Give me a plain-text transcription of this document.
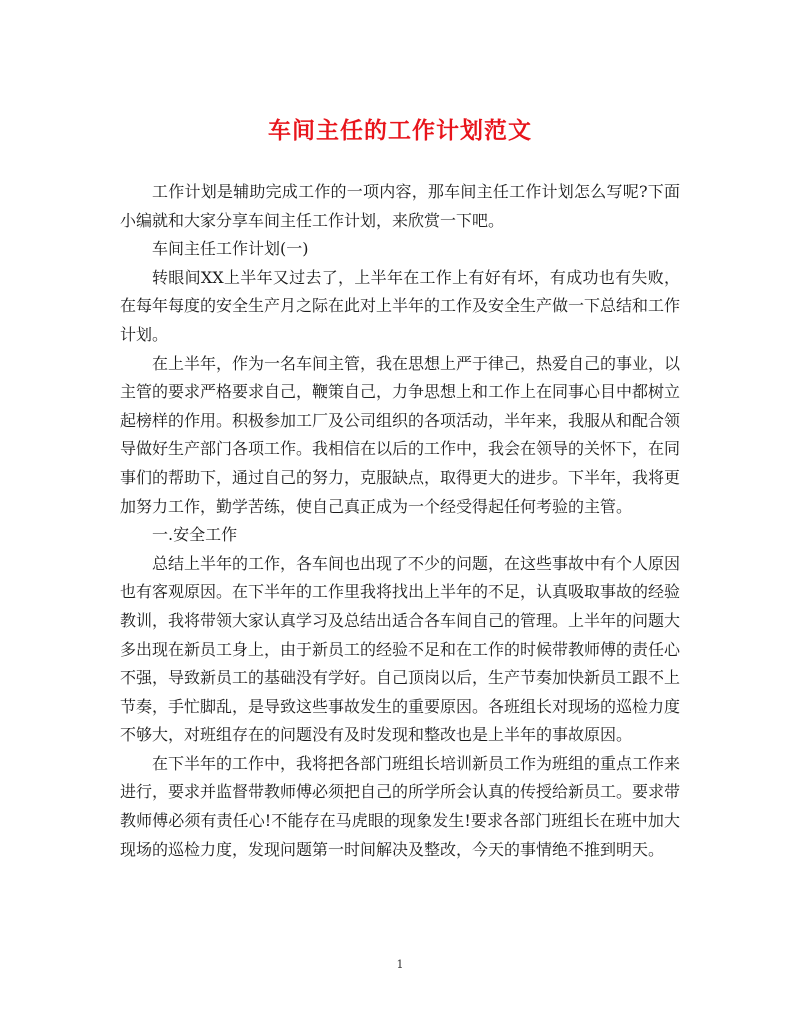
车间主任的工作计划范文

工作计划是辅助完成工作的一项内容，那车间主任工作计划怎么写呢?下面小编就和大家分享车间主任工作计划，来欣赏一下吧。

车间主任工作计划(一)

转眼间XX上半年又过去了，上半年在工作上有好有坏，有成功也有失败，在每年每度的安全生产月之际在此对上半年的工作及安全生产做一下总结和工作计划。

在上半年，作为一名车间主管，我在思想上严于律己，热爱自己的事业，以主管的要求严格要求自己，鞭策自己，力争思想上和工作上在同事心目中都树立起榜样的作用。积极参加工厂及公司组织的各项活动，半年来，我服从和配合领导做好生产部门各项工作。我相信在以后的工作中，我会在领导的关怀下，在同事们的帮助下，通过自己的努力，克服缺点，取得更大的进步。下半年，我将更加努力工作，勤学苦练，使自己真正成为一个经受得起任何考验的主管。

一.安全工作

总结上半年的工作，各车间也出现了不少的问题，在这些事故中有个人原因也有客观原因。在下半年的工作里我将找出上半年的不足，认真吸取事故的经验教训，我将带领大家认真学习及总结出适合各车间自己的管理。上半年的问题大多出现在新员工身上，由于新员工的经验不足和在工作的时候带教师傅的责任心不强，导致新员工的基础没有学好。自己顶岗以后，生产节奏加快新员工跟不上节奏，手忙脚乱，是导致这些事故发生的重要原因。各班组长对现场的巡检力度不够大，对班组存在的问题没有及时发现和整改也是上半年的事故原因。

在下半年的工作中，我将把各部门班组长培训新员工作为班组的重点工作来进行，要求并监督带教师傅必须把自己的所学所会认真的传授给新员工。要求带教师傅必须有责任心!不能存在马虎眼的现象发生!要求各部门班组长在班中加大现场的巡检力度，发现问题第一时间解决及整改，今天的事情绝不推到明天。

1
